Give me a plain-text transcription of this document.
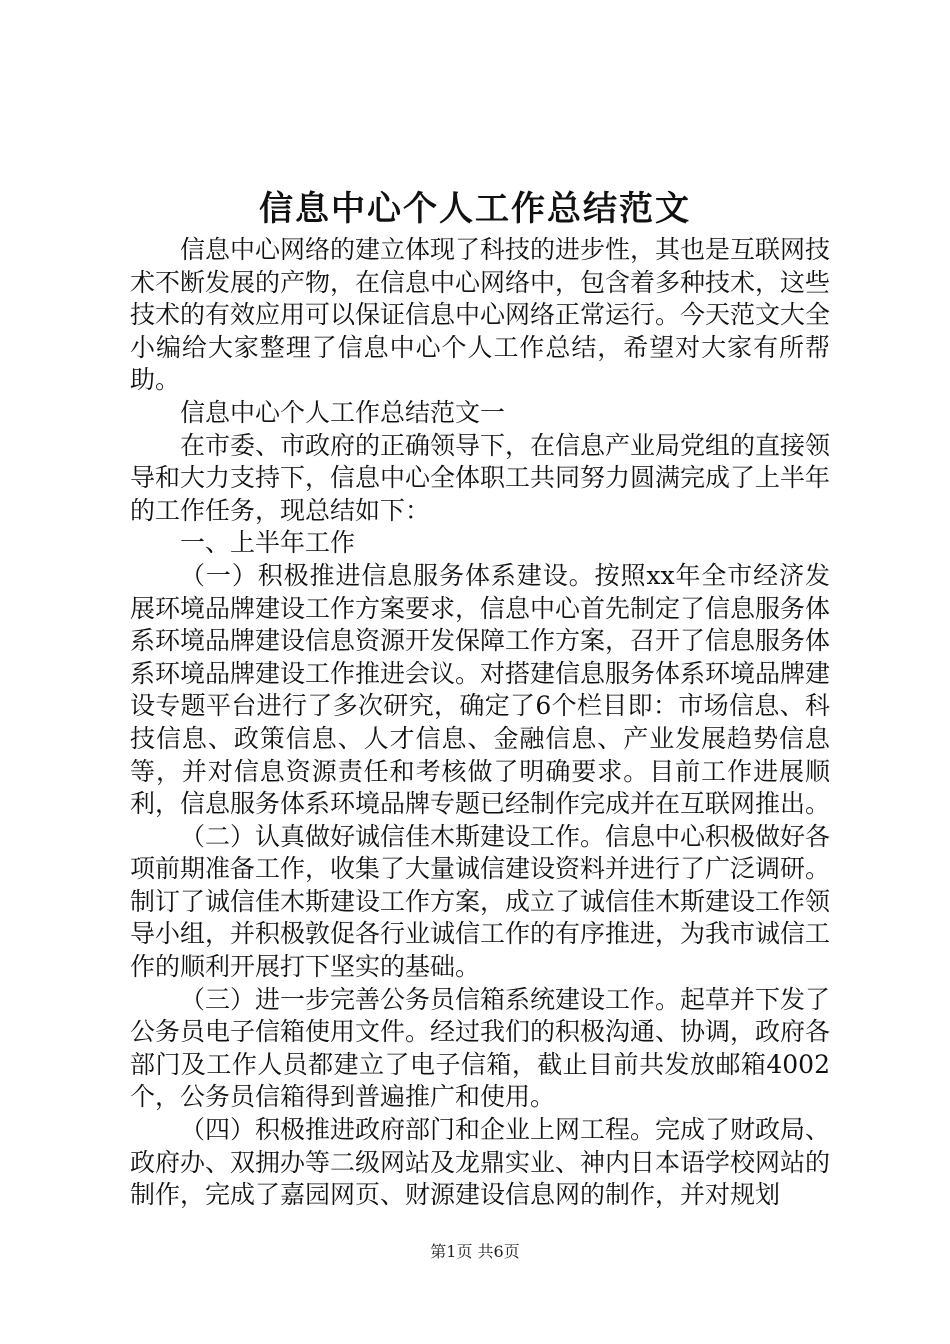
信息中心个人工作总结范文

信息中心网络的建立体现了科技的进步性，其也是互联网技术不断发展的产物，在信息中心网络中，包含着多种技术，这些技术的有效应用可以保证信息中心网络正常运行。今天范文大全小编给大家整理了信息中心个人工作总结，希望对大家有所帮助。

信息中心个人工作总结范文一

在市委、市政府的正确领导下，在信息产业局党组的直接领导和大力支持下，信息中心全体职工共同努力圆满完成了上半年的工作任务，现总结如下：

一、上半年工作

（一）积极推进信息服务体系建设。按照xx年全市经济发展环境品牌建设工作方案要求，信息中心首先制定了信息服务体系环境品牌建设信息资源开发保障工作方案，召开了信息服务体系环境品牌建设工作推进会议。对搭建信息服务体系环境品牌建设专题平台进行了多次研究，确定了6个栏目即：市场信息、科技信息、政策信息、人才信息、金融信息、产业发展趋势信息等，并对信息资源责任和考核做了明确要求。目前工作进展顺利，信息服务体系环境品牌专题已经制作完成并在互联网推出。

（二）认真做好诚信佳木斯建设工作。信息中心积极做好各项前期准备工作，收集了大量诚信建设资料并进行了广泛调研。制订了诚信佳木斯建设工作方案，成立了诚信佳木斯建设工作领导小组，并积极敦促各行业诚信工作的有序推进，为我市诚信工作的顺利开展打下坚实的基础。

（三）进一步完善公务员信箱系统建设工作。起草并下发了公务员电子信箱使用文件。经过我们的积极沟通、协调，政府各部门及工作人员都建立了电子信箱，截止目前共发放邮箱4002个，公务员信箱得到普遍推广和使用。

（四）积极推进政府部门和企业上网工程。完成了财政局、政府办、双拥办等二级网站及龙鼎实业、神内日本语学校网站的制作，完成了嘉园网页、财源建设信息网的制作，并对规划

第1页 共6页
